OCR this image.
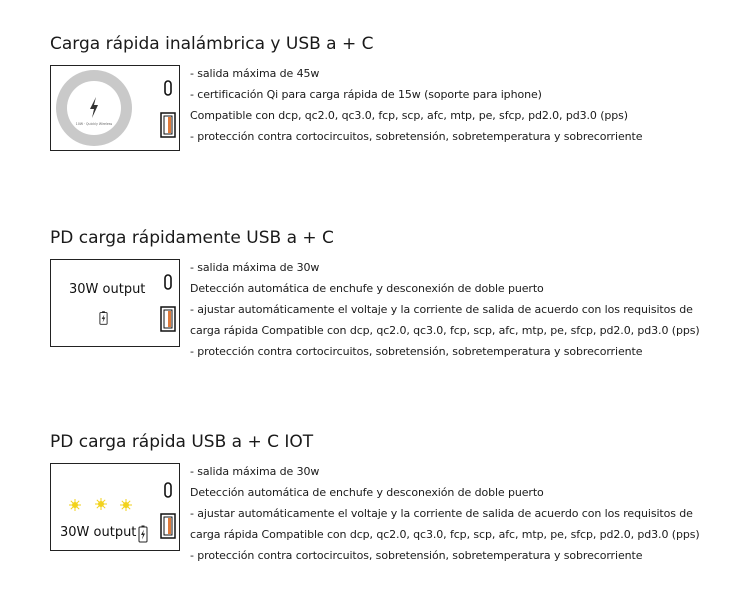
Carga rápida inalámbrica y USB a + C
10W · Quickly Wireless
- salida máxima de 45w
- certificación Qi para carga rápida de 15w (soporte para iphone)
Compatible con dcp, qc2.0, qc3.0, fcp, scp, afc, mtp, pe, sfcp, pd2.0, pd3.0 (pps)
- protección contra cortocircuitos, sobretensión, sobretemperatura y sobrecorriente
PD carga rápidamente USB a + C
30W output
- salida máxima de 30w
Detección automática de enchufe y desconexión de doble puerto
- ajustar automáticamente el voltaje y la corriente de salida de acuerdo con los requisitos de
carga rápida Compatible con dcp, qc2.0, qc3.0, fcp, scp, afc, mtp, pe, sfcp, pd2.0, pd3.0 (pps)
- protección contra cortocircuitos, sobretensión, sobretemperatura y sobrecorriente
PD carga rápida USB a + C IOT
30W output
- salida máxima de 30w
Detección automática de enchufe y desconexión de doble puerto
- ajustar automáticamente el voltaje y la corriente de salida de acuerdo con los requisitos de
carga rápida Compatible con dcp, qc2.0, qc3.0, fcp, scp, afc, mtp, pe, sfcp, pd2.0, pd3.0 (pps)
- protección contra cortocircuitos, sobretensión, sobretemperatura y sobrecorriente
